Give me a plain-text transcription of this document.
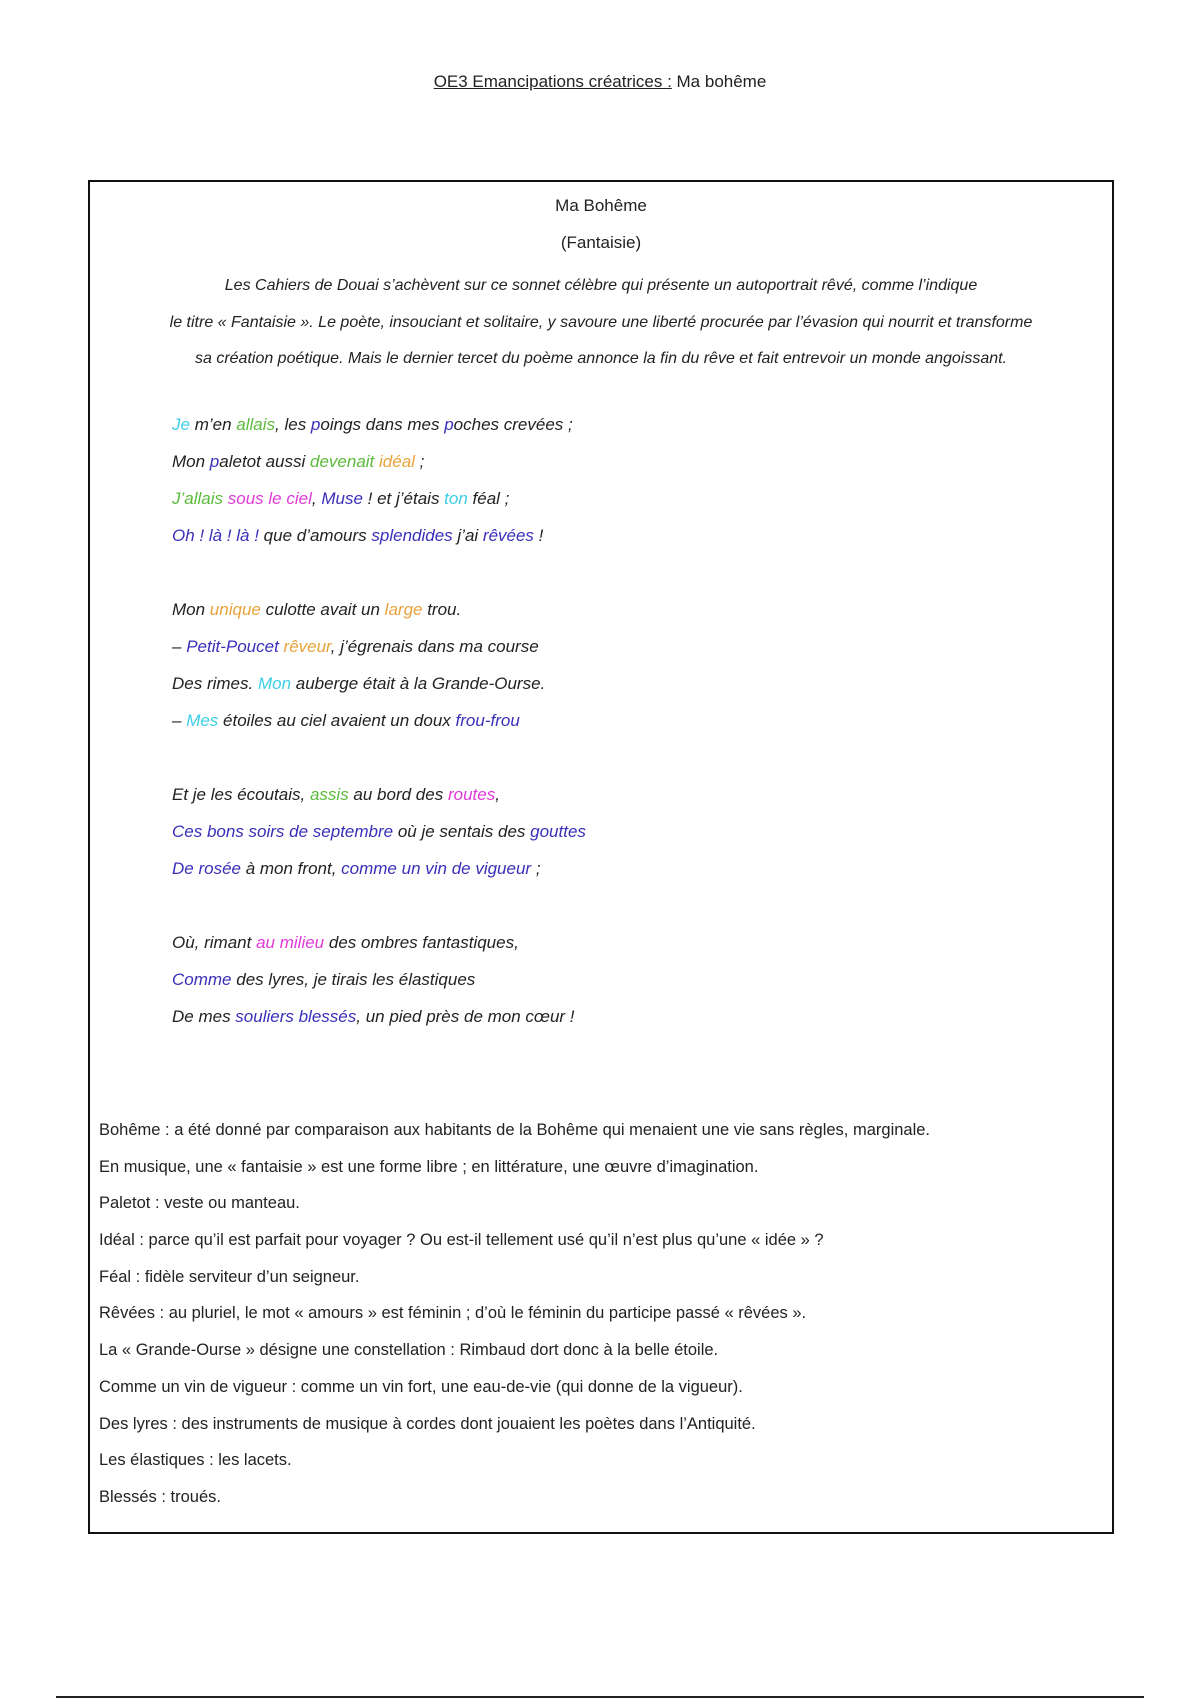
OE3 Emancipations créatrices : Ma bohême
Ma Bohême
(Fantaisie)
Les Cahiers de Douai s’achèvent sur ce sonnet célèbre qui présente un autoportrait rêvé, comme l’indique
le titre « Fantaisie ». Le poète, insouciant et solitaire, y savoure une liberté procurée par l’évasion qui nourrit et transforme
sa création poétique. Mais le dernier tercet du poème annonce la fin du rêve et fait entrevoir un monde angoissant.
Je m’en allais, les poings dans mes poches crevées ;
Mon paletot aussi devenait idéal ;
J’allais sous le ciel, Muse ! et j’étais ton féal ;
Oh ! là ! là ! que d’amours splendides j’ai rêvées !
Mon unique culotte avait un large trou.
– Petit-Poucet rêveur, j’égrenais dans ma course
Des rimes. Mon auberge était à la Grande-Ourse.
– Mes étoiles au ciel avaient un doux frou-frou
Et je les écoutais, assis au bord des routes,
Ces bons soirs de septembre où je sentais des gouttes
De rosée à mon front, comme un vin de vigueur ;
Où, rimant au milieu des ombres fantastiques,
Comme des lyres, je tirais les élastiques
De mes souliers blessés, un pied près de mon cœur !
Bohême : a été donné par comparaison aux habitants de la Bohême qui menaient une vie sans règles, marginale.
En musique, une « fantaisie » est une forme libre ; en littérature, une œuvre d’imagination.
Paletot : veste ou manteau.
Idéal : parce qu’il est parfait pour voyager ? Ou est-il tellement usé qu’il n’est plus qu’une « idée » ?
Féal : fidèle serviteur d’un seigneur.
Rêvées : au pluriel, le mot « amours » est féminin ; d’où le féminin du participe passé « rêvées ».
La « Grande-Ourse » désigne une constellation : Rimbaud dort donc à la belle étoile.
Comme un vin de vigueur : comme un vin fort, une eau-de-vie (qui donne de la vigueur).
Des lyres : des instruments de musique à cordes dont jouaient les poètes dans l’Antiquité.
Les élastiques : les lacets.
Blessés : troués.
